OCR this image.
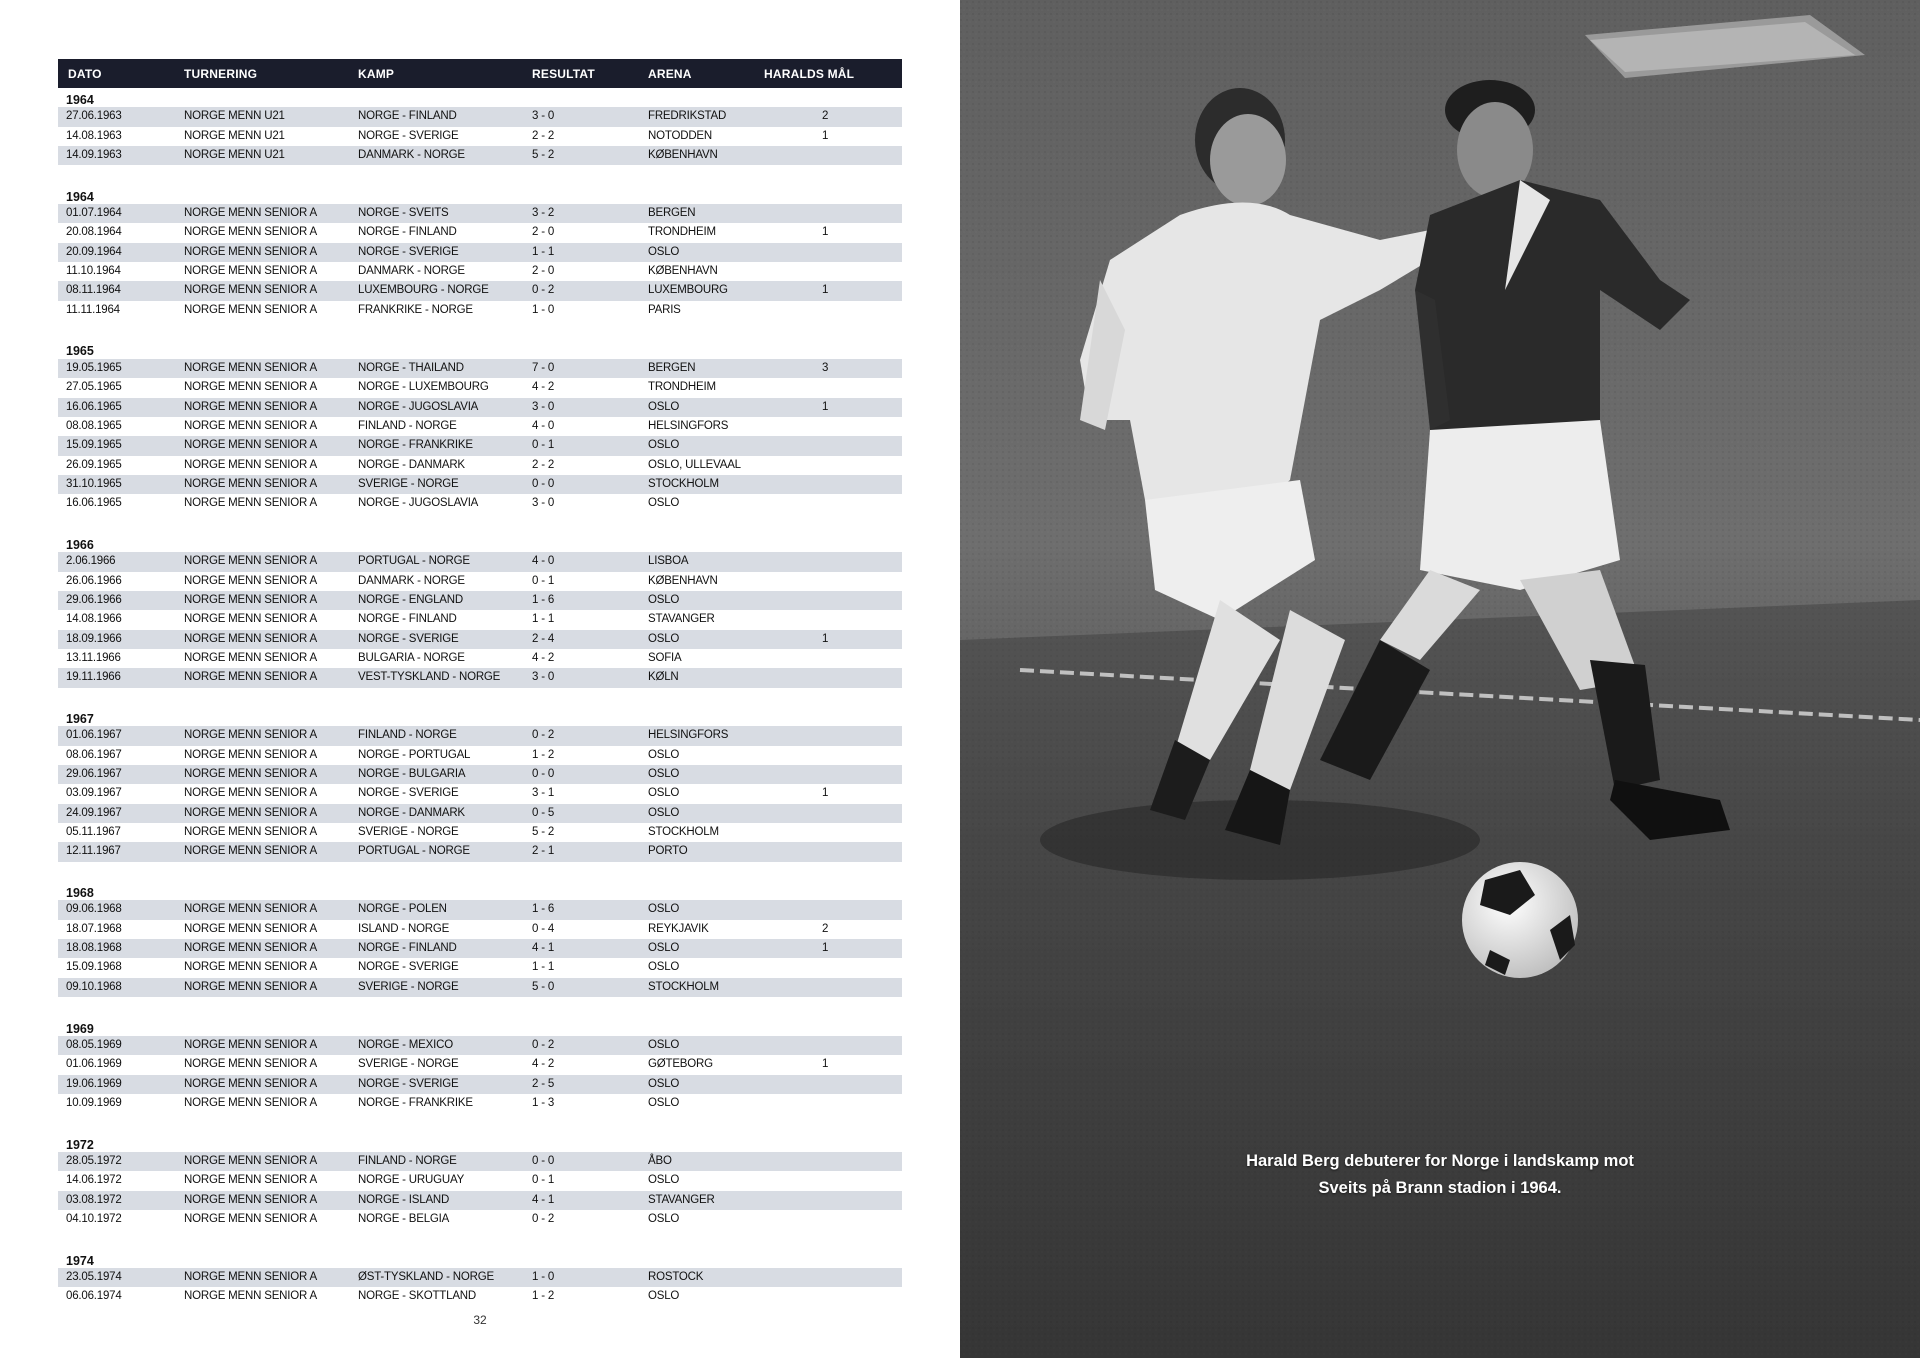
DATO	TURNERING	KAMP	RESULTAT	ARENA	HARALDS MÅL
1964
27.06.1963	NORGE MENN U21	NORGE - FINLAND	3 - 0	FREDRIKSTAD	2
14.08.1963	NORGE MENN U21	NORGE - SVERIGE	2 - 2	NOTODDEN	1
14.09.1963	NORGE MENN U21	DANMARK - NORGE	5 - 2	KØBENHAVN
1964
01.07.1964	NORGE MENN SENIOR A	NORGE - SVEITS	3 - 2	BERGEN
20.08.1964	NORGE MENN SENIOR A	NORGE - FINLAND	2 - 0	TRONDHEIM	1
20.09.1964	NORGE MENN SENIOR A	NORGE - SVERIGE	1 - 1	OSLO
11.10.1964	NORGE MENN SENIOR A	DANMARK - NORGE	2 - 0	KØBENHAVN
08.11.1964	NORGE MENN SENIOR A	LUXEMBOURG - NORGE	0 - 2	LUXEMBOURG	1
11.11.1964	NORGE MENN SENIOR A	FRANKRIKE - NORGE	1 - 0	PARIS
1965
19.05.1965	NORGE MENN SENIOR A	NORGE - THAILAND	7 - 0	BERGEN	3
27.05.1965	NORGE MENN SENIOR A	NORGE - LUXEMBOURG	4 - 2	TRONDHEIM
16.06.1965	NORGE MENN SENIOR A	NORGE - JUGOSLAVIA	3 - 0	OSLO	1
08.08.1965	NORGE MENN SENIOR A	FINLAND - NORGE	4 - 0	HELSINGFORS
15.09.1965	NORGE MENN SENIOR A	NORGE - FRANKRIKE	0 - 1	OSLO
26.09.1965	NORGE MENN SENIOR A	NORGE - DANMARK	2 - 2	OSLO, ULLEVAAL
31.10.1965	NORGE MENN SENIOR A	SVERIGE - NORGE	0 - 0	STOCKHOLM
16.06.1965	NORGE MENN SENIOR A	NORGE - JUGOSLAVIA	3 - 0	OSLO
1966
2.06.1966	NORGE MENN SENIOR A	PORTUGAL - NORGE	4 - 0	LISBOA
26.06.1966	NORGE MENN SENIOR A	DANMARK - NORGE	0 - 1	KØBENHAVN
29.06.1966	NORGE MENN SENIOR A	NORGE - ENGLAND	1 - 6	OSLO
14.08.1966	NORGE MENN SENIOR A	NORGE - FINLAND	1 - 1	STAVANGER
18.09.1966	NORGE MENN SENIOR A	NORGE - SVERIGE	2 - 4	OSLO	1
13.11.1966	NORGE MENN SENIOR A	BULGARIA - NORGE	4 - 2	SOFIA
19.11.1966	NORGE MENN SENIOR A	VEST-TYSKLAND - NORGE	3 - 0	KØLN
1967
01.06.1967	NORGE MENN SENIOR A	FINLAND - NORGE	0 - 2	HELSINGFORS
08.06.1967	NORGE MENN SENIOR A	NORGE - PORTUGAL	1 - 2	OSLO
29.06.1967	NORGE MENN SENIOR A	NORGE - BULGARIA	0 - 0	OSLO
03.09.1967	NORGE MENN SENIOR A	NORGE - SVERIGE	3 - 1	OSLO	1
24.09.1967	NORGE MENN SENIOR A	NORGE - DANMARK	0 - 5	OSLO
05.11.1967	NORGE MENN SENIOR A	SVERIGE - NORGE	5 - 2	STOCKHOLM
12.11.1967	NORGE MENN SENIOR A	PORTUGAL - NORGE	2 - 1	PORTO
1968
09.06.1968	NORGE MENN SENIOR A	NORGE - POLEN	1 - 6	OSLO
18.07.1968	NORGE MENN SENIOR A	ISLAND - NORGE	0 - 4	REYKJAVIK	2
18.08.1968	NORGE MENN SENIOR A	NORGE - FINLAND	4 - 1	OSLO	1
15.09.1968	NORGE MENN SENIOR A	NORGE - SVERIGE	1 - 1	OSLO
09.10.1968	NORGE MENN SENIOR A	SVERIGE - NORGE	5 - 0	STOCKHOLM
1969
08.05.1969	NORGE MENN SENIOR A	NORGE - MEXICO	0 - 2	OSLO
01.06.1969	NORGE MENN SENIOR A	SVERIGE - NORGE	4 - 2	GØTEBORG	1
19.06.1969	NORGE MENN SENIOR A	NORGE - SVERIGE	2 - 5	OSLO
10.09.1969	NORGE MENN SENIOR A	NORGE - FRANKRIKE	1 - 3	OSLO
1972
28.05.1972	NORGE MENN SENIOR A	FINLAND - NORGE	0 - 0	ÅBO
14.06.1972	NORGE MENN SENIOR A	NORGE - URUGUAY	0 - 1	OSLO
03.08.1972	NORGE MENN SENIOR A	NORGE - ISLAND	4 - 1	STAVANGER
04.10.1972	NORGE MENN SENIOR A	NORGE - BELGIA	0 - 2	OSLO
1974
23.05.1974	NORGE MENN SENIOR A	ØST-TYSKLAND - NORGE	1 - 0	ROSTOCK
06.06.1974	NORGE MENN SENIOR A	NORGE - SKOTTLAND	1 - 2	OSLO
32
Harald Berg debuterer for Norge i landskamp mot
Sveits på Brann stadion i 1964.
